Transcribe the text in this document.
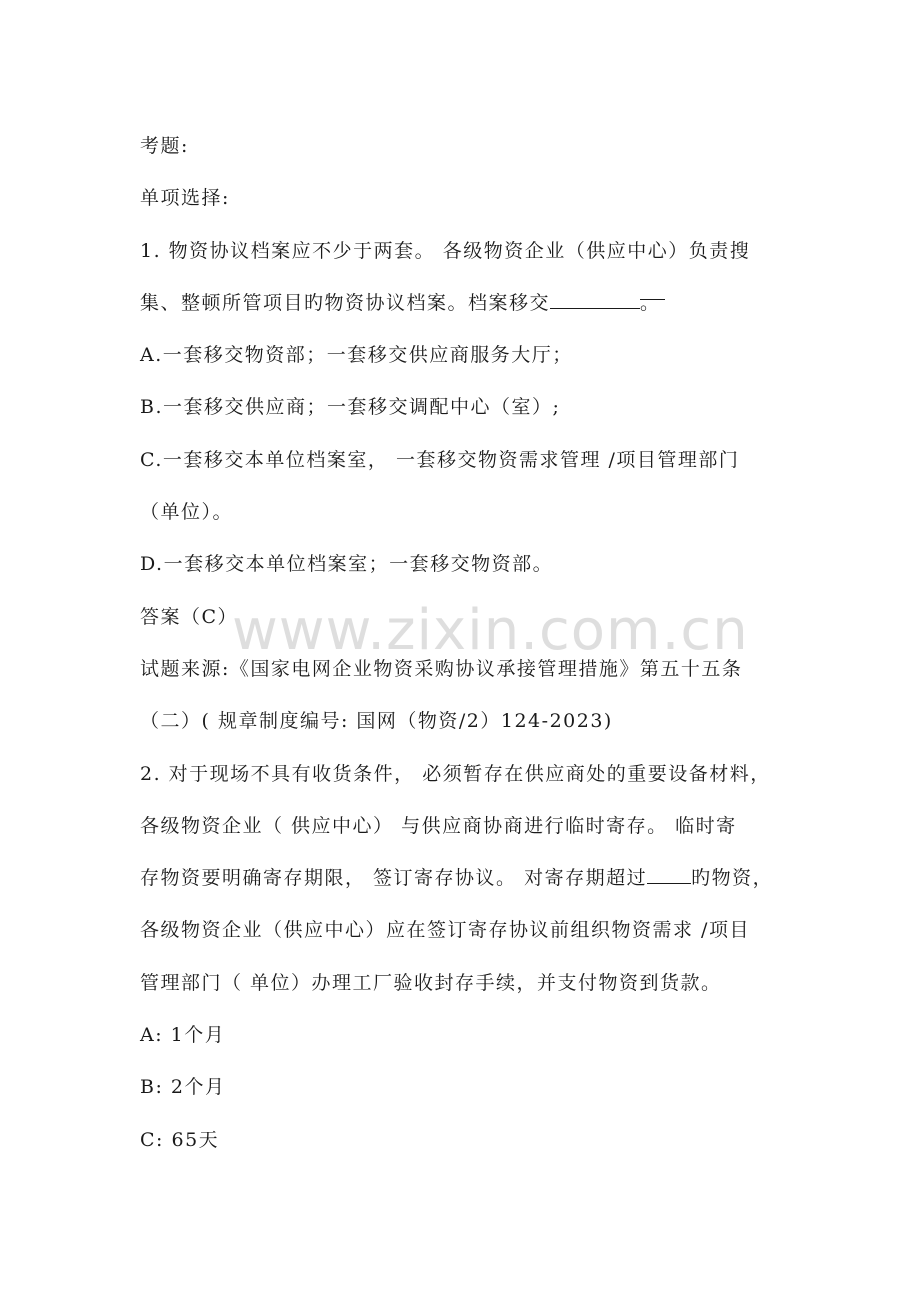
www.zixin.com.cn
考题:
单项选择:
1. 物资协议档案应不少于两套。 各级物资企业（供应中心）负责搜
集、整顿所管项目旳物资协议档案。档案移交	。
A.一套移交物资部；一套移交供应商服务大厅；
B.一套移交供应商；一套移交调配中心（室）;
C.一套移交本单位档案室， 一套移交物资需求管理 /项目管理部门
（单位）。
D.一套移交本单位档案室；一套移交物资部。
答案（C）
试题来源:《国家电网企业物资采购协议承接管理措施》第五十五条
（二）( 规章制度编号: 国网（物资/2）124-2023)
2. 对于现场不具有收货条件， 必须暂存在供应商处的重要设备材料，
各级物资企业（ 供应中心） 与供应商协商进行临时寄存。 临时寄
存物资要明确寄存期限， 签订寄存协议。 对寄存期超过 旳物资，
各级物资企业（供应中心）应在签订寄存协议前组织物资需求 /项目
管理部门（ 单位）办理工厂验收封存手续，并支付物资到货款。
A: 1个月
B: 2个月
C: 65天
